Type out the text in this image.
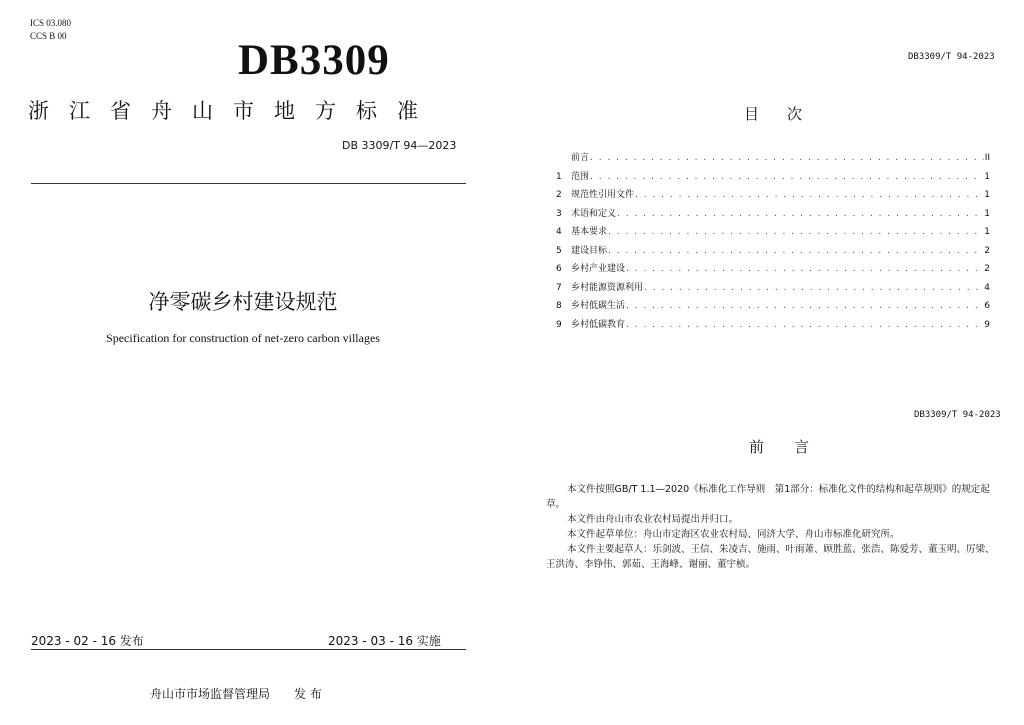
ICS 03.080
CCS B 00
DB3309
浙江省舟山市地方标准
DB 3309/T 94—2023
净零碳乡村建设规范
Specification for construction of net-zero carbon villages
2023 - 02 - 16 发布	2023 - 03 - 16 实施
舟山市市场监督管理局　　发 布
DB3309/T 94-2023
目次
前言 . . .	II
1	范围 . . .	1
2	规范性引用文件 . . .	1
3	术语和定义 . . .	1
4	基本要求 . . .	1
5	建设目标 . . .	2
6	乡村产业建设 . . .	2
7	乡村能源资源利用 . . .	4
8	乡村低碳生活 . . .	6
9	乡村低碳教育 . . .	9
DB3309/T 94-2023
前言

本文件按照GB/T 1.1—2020《标准化工作导则　第1部分：标准化文件的结构和起草规则》的规定起草。

本文件由舟山市农业农村局提出并归口。

本文件起草单位：舟山市定海区农业农村局、同济大学、舟山市标准化研究所。

本文件主要起草人：乐剑波、王信、朱凌吉、施雨、叶雨萧、顾胜蓝、张浩、陈爱芳、董玉明、厉梁、王洪涛、李铮伟、郭茹、王海峰、谢丽、董宇桢。
